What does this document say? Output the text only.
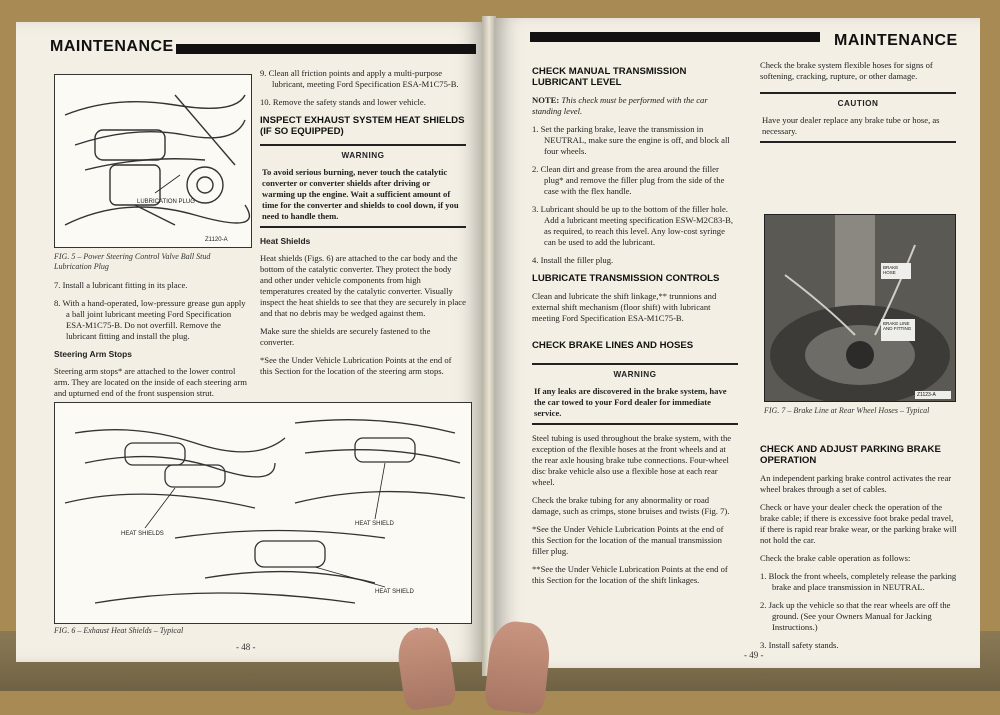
MAINTENANCE
LUBRICATION PLUG
Z1120-A
FIG. 5 – Power Steering Control Valve Ball Stud Lubrication Plug

7. Install a lubricant fitting in its place.

8. With a hand-operated, low-pressure grease gun apply a ball joint lubricant meeting Ford Specification ESA-M1C75-B. Do not overfill. Remove the lubricant fitting and install the plug.

Steering Arm Stops

Steering arm stops* are attached to the lower control arm. They are located on the inside of each steering arm and upturned end of the front suspension strut.

9. Clean all friction points and apply a multi-purpose lubricant, meeting Ford Specification ESA-M1C75-B.

10. Remove the safety stands and lower vehicle.

INSPECT EXHAUST SYSTEM HEAT SHIELDS (IF SO EQUIPPED)
WARNING
To avoid serious burning, never touch the catalytic converter or converter shields after driving or warming up the engine. Wait a sufficient amount of time for the converter and shields to cool down, if you need to handle them.
Heat Shields

Heat shields (Figs. 6) are attached to the car body and the bottom of the catalytic converter. They protect the body and other under vehicle components from high temperatures created by the catalytic converter. Visually inspect the heat shields to see that they are securely in place and that no debris may be wedged against them.

Make sure the shields are securely fastened to the converter.

*See the Under Vehicle Lubrication Points at the end of this Section for the location of the steering arm stops.

HEAT SHIELDS
HEAT SHIELD
HEAT SHIELD
FIG. 6 – Exhaust Heat Shields – Typical
- 48 -
MAINTENANCE
CHECK MANUAL TRANSMISSION LUBRICANT LEVEL

NOTE: This check must be performed with the car standing level.

1. Set the parking brake, leave the transmission in NEUTRAL, make sure the engine is off, and block all four wheels.

2. Clean dirt and grease from the area around the filler plug* and remove the filler plug from the side of the case with the flex handle.

3. Lubricant should be up to the bottom of the filler hole. Add a lubricant meeting specification ESW-M2C83-B, as required, to reach this level. Any low-cost syringe can be used to add the lubricant.

4. Install the filler plug.

LUBRICATE TRANSMISSION CONTROLS

Clean and lubricate the shift linkage,** trunnions and external shift mechanism (floor shift) with lubricant meeting Ford Specification ESA-M1C75-B.

CHECK BRAKE LINES AND HOSES
WARNING
If any leaks are discovered in the brake system, have the car towed to your Ford dealer for immediate service.

Steel tubing is used throughout the brake system, with the exception of the flexible hoses at the front wheels and at the rear axle housing brake tube connections. Four-wheel disc brake vehicle also use a flexible hose at each rear wheel.

Check the brake tubing for any abnormality or road damage, such as crimps, stone bruises and twists (Fig. 7).

*See the Under Vehicle Lubrication Points at the end of this Section for the location of the manual transmission filler plug.

**See the Under Vehicle Lubrication Points at the end of this Section for the location of the shift linkages.

Check the brake system flexible hoses for signs of softening, cracking, rupture, or other damage.

CAUTION
Have your dealer replace any brake tube or hose, as necessary.
BRAKE HOSE
BRAKE LINE AND FITTING
Z1123-A
FIG. 7 – Brake Line at Rear Wheel Hoses – Typical
CHECK AND ADJUST PARKING BRAKE OPERATION

An independent parking brake control activates the rear wheel brakes through a set of cables.

Check or have your dealer check the operation of the brake cable; if there is excessive foot brake pedal travel, if there is rapid rear brake wear, or the parking brake will not hold the car.

Check the brake cable operation as follows:

1. Block the front wheels, completely release the parking brake and place transmission in NEUTRAL.

2. Jack up the vehicle so that the rear wheels are off the ground. (See your Owners Manual for Jacking Instructions.)

3. Install safety stands.

- 49 -
